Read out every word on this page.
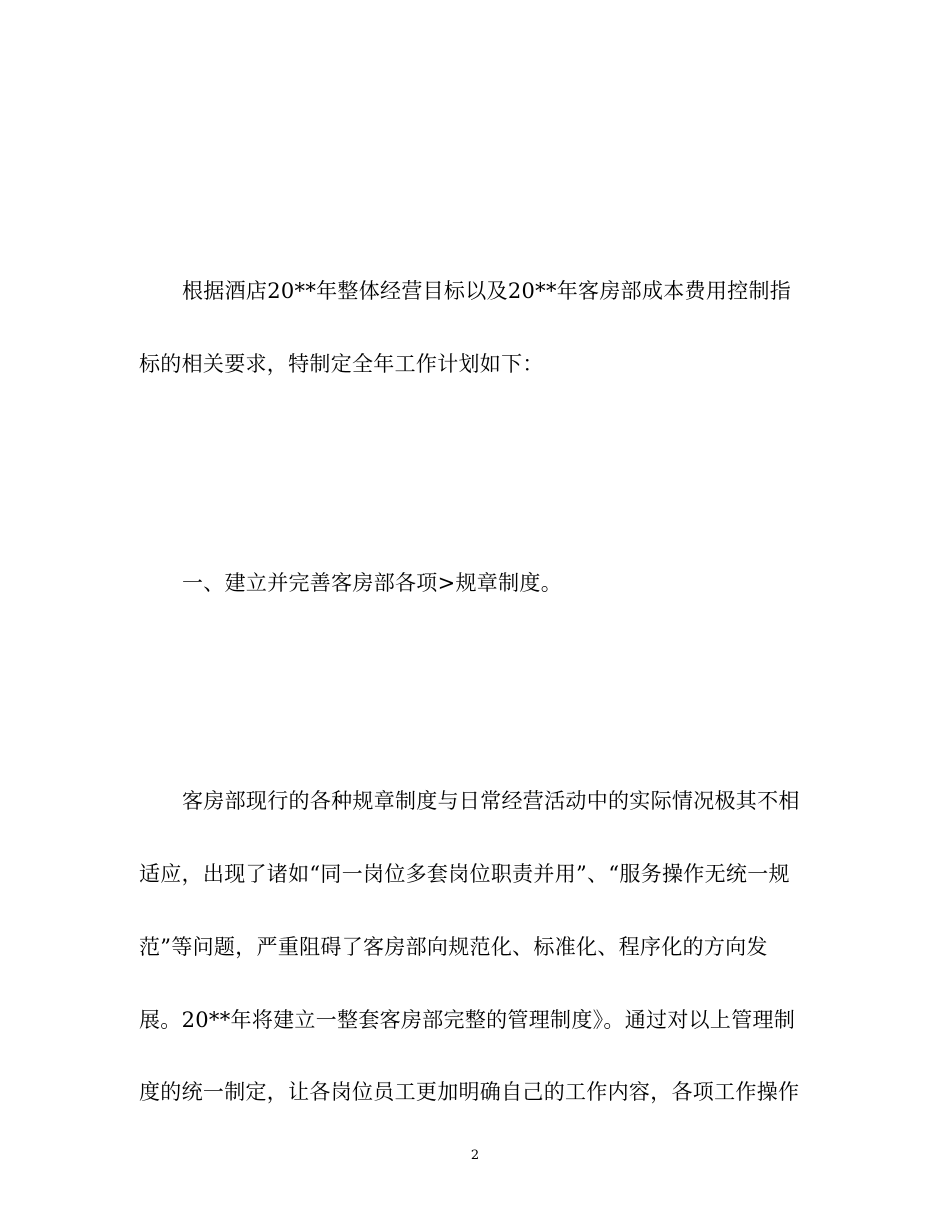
根据酒店20**年整体经营目标以及20**年客房部成本费用控制指
标的相关要求，特制定全年工作计划如下：
一、建立并完善客房部各项>规章制度。
客房部现行的各种规章制度与日常经营活动中的实际情况极其不相
适应，出现了诸如“同一岗位多套岗位职责并用”、“服务操作无统一规
范”等问题，严重阻碍了客房部向规范化、标准化、程序化的方向发
展。20**年将建立一整套客房部完整的管理制度》。通过对以上管理制
度的统一制定，让各岗位员工更加明确自己的工作内容，各项工作操作
2
